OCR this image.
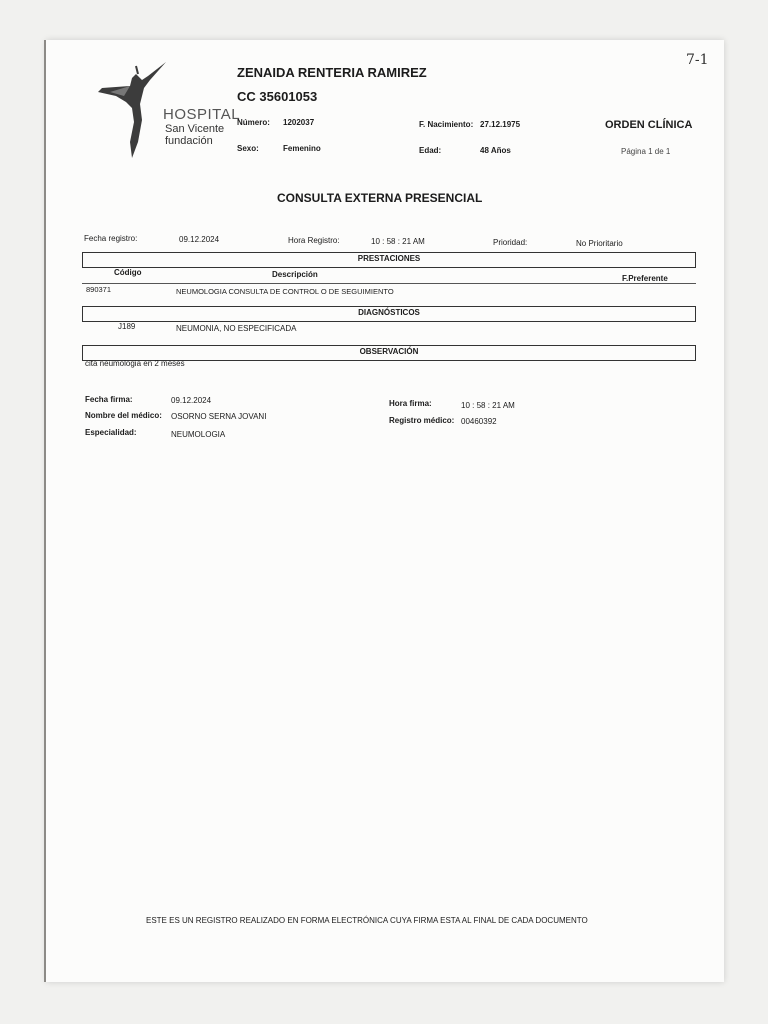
7-1
HOSPITAL
San Vicente
fundación
ZENAIDA RENTERIA RAMIREZ
CC 35601053
Número: 1202037	F. Nacimiento: 27.12.1975	ORDEN CLÍNICA
Sexo:	Femenino	Edad:	48 Años	Página 1 de 1
CONSULTA EXTERNA PRESENCIAL
Fecha registro:	09.12.2024	Hora Registro:	10 : 58 : 21 AM	Prioridad:	No Prioritario
PRESTACIONES
Código	Descripción	F.Preferente
890371	NEUMOLOGIA CONSULTA DE CONTROL O DE SEGUIMIENTO
DIAGNÓSTICOS
J189	NEUMONIA, NO ESPECIFICADA
OBSERVACIÓN
cita neumologia en 2 meses
Fecha firma:	09.12.2024
Nombre del médico: OSORNO SERNA JOVANI
Especialidad:	NEUMOLOGIA
Hora firma:	10 : 58 : 21 AM
Registro médico: 00460392
ESTE ES UN REGISTRO REALIZADO EN FORMA ELECTRÓNICA CUYA FIRMA ESTA AL FINAL DE CADA DOCUMENTO
